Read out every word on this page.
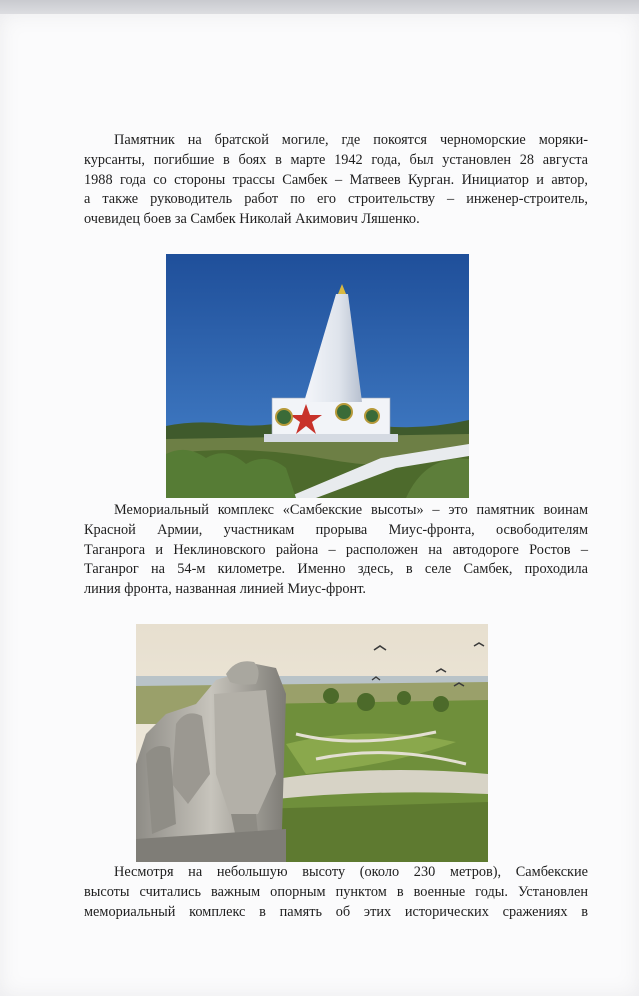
Памятник на братской могиле, где покоятся черноморские моряки-
курсанты, погибшие в боях в марте 1942 года, был установлен 28 августа
1988 года со стороны трассы Самбек – Матвеев Курган. Инициатор и автор,
а также руководитель работ по его строительству – инженер-строитель,
очевидец боев за Самбек Николай Акимович Ляшенко.

Мемориальный комплекс «Самбекские высоты» – это памятник воинам
Красной Армии, участникам прорыва Миус-фронта, освободителям
Таганрога и Неклиновского района – расположен на автодороге Ростов –
Таганрог на 54-м километре. Именно здесь, в селе Самбек, проходила
линия фронта, названная линией Миус-фронт.

Несмотря на небольшую высоту (около 230 метров), Самбекские
высоты считались важным опорным пунктом в военные годы. Установлен
мемориальный комплекс в память об этих исторических сражениях в
